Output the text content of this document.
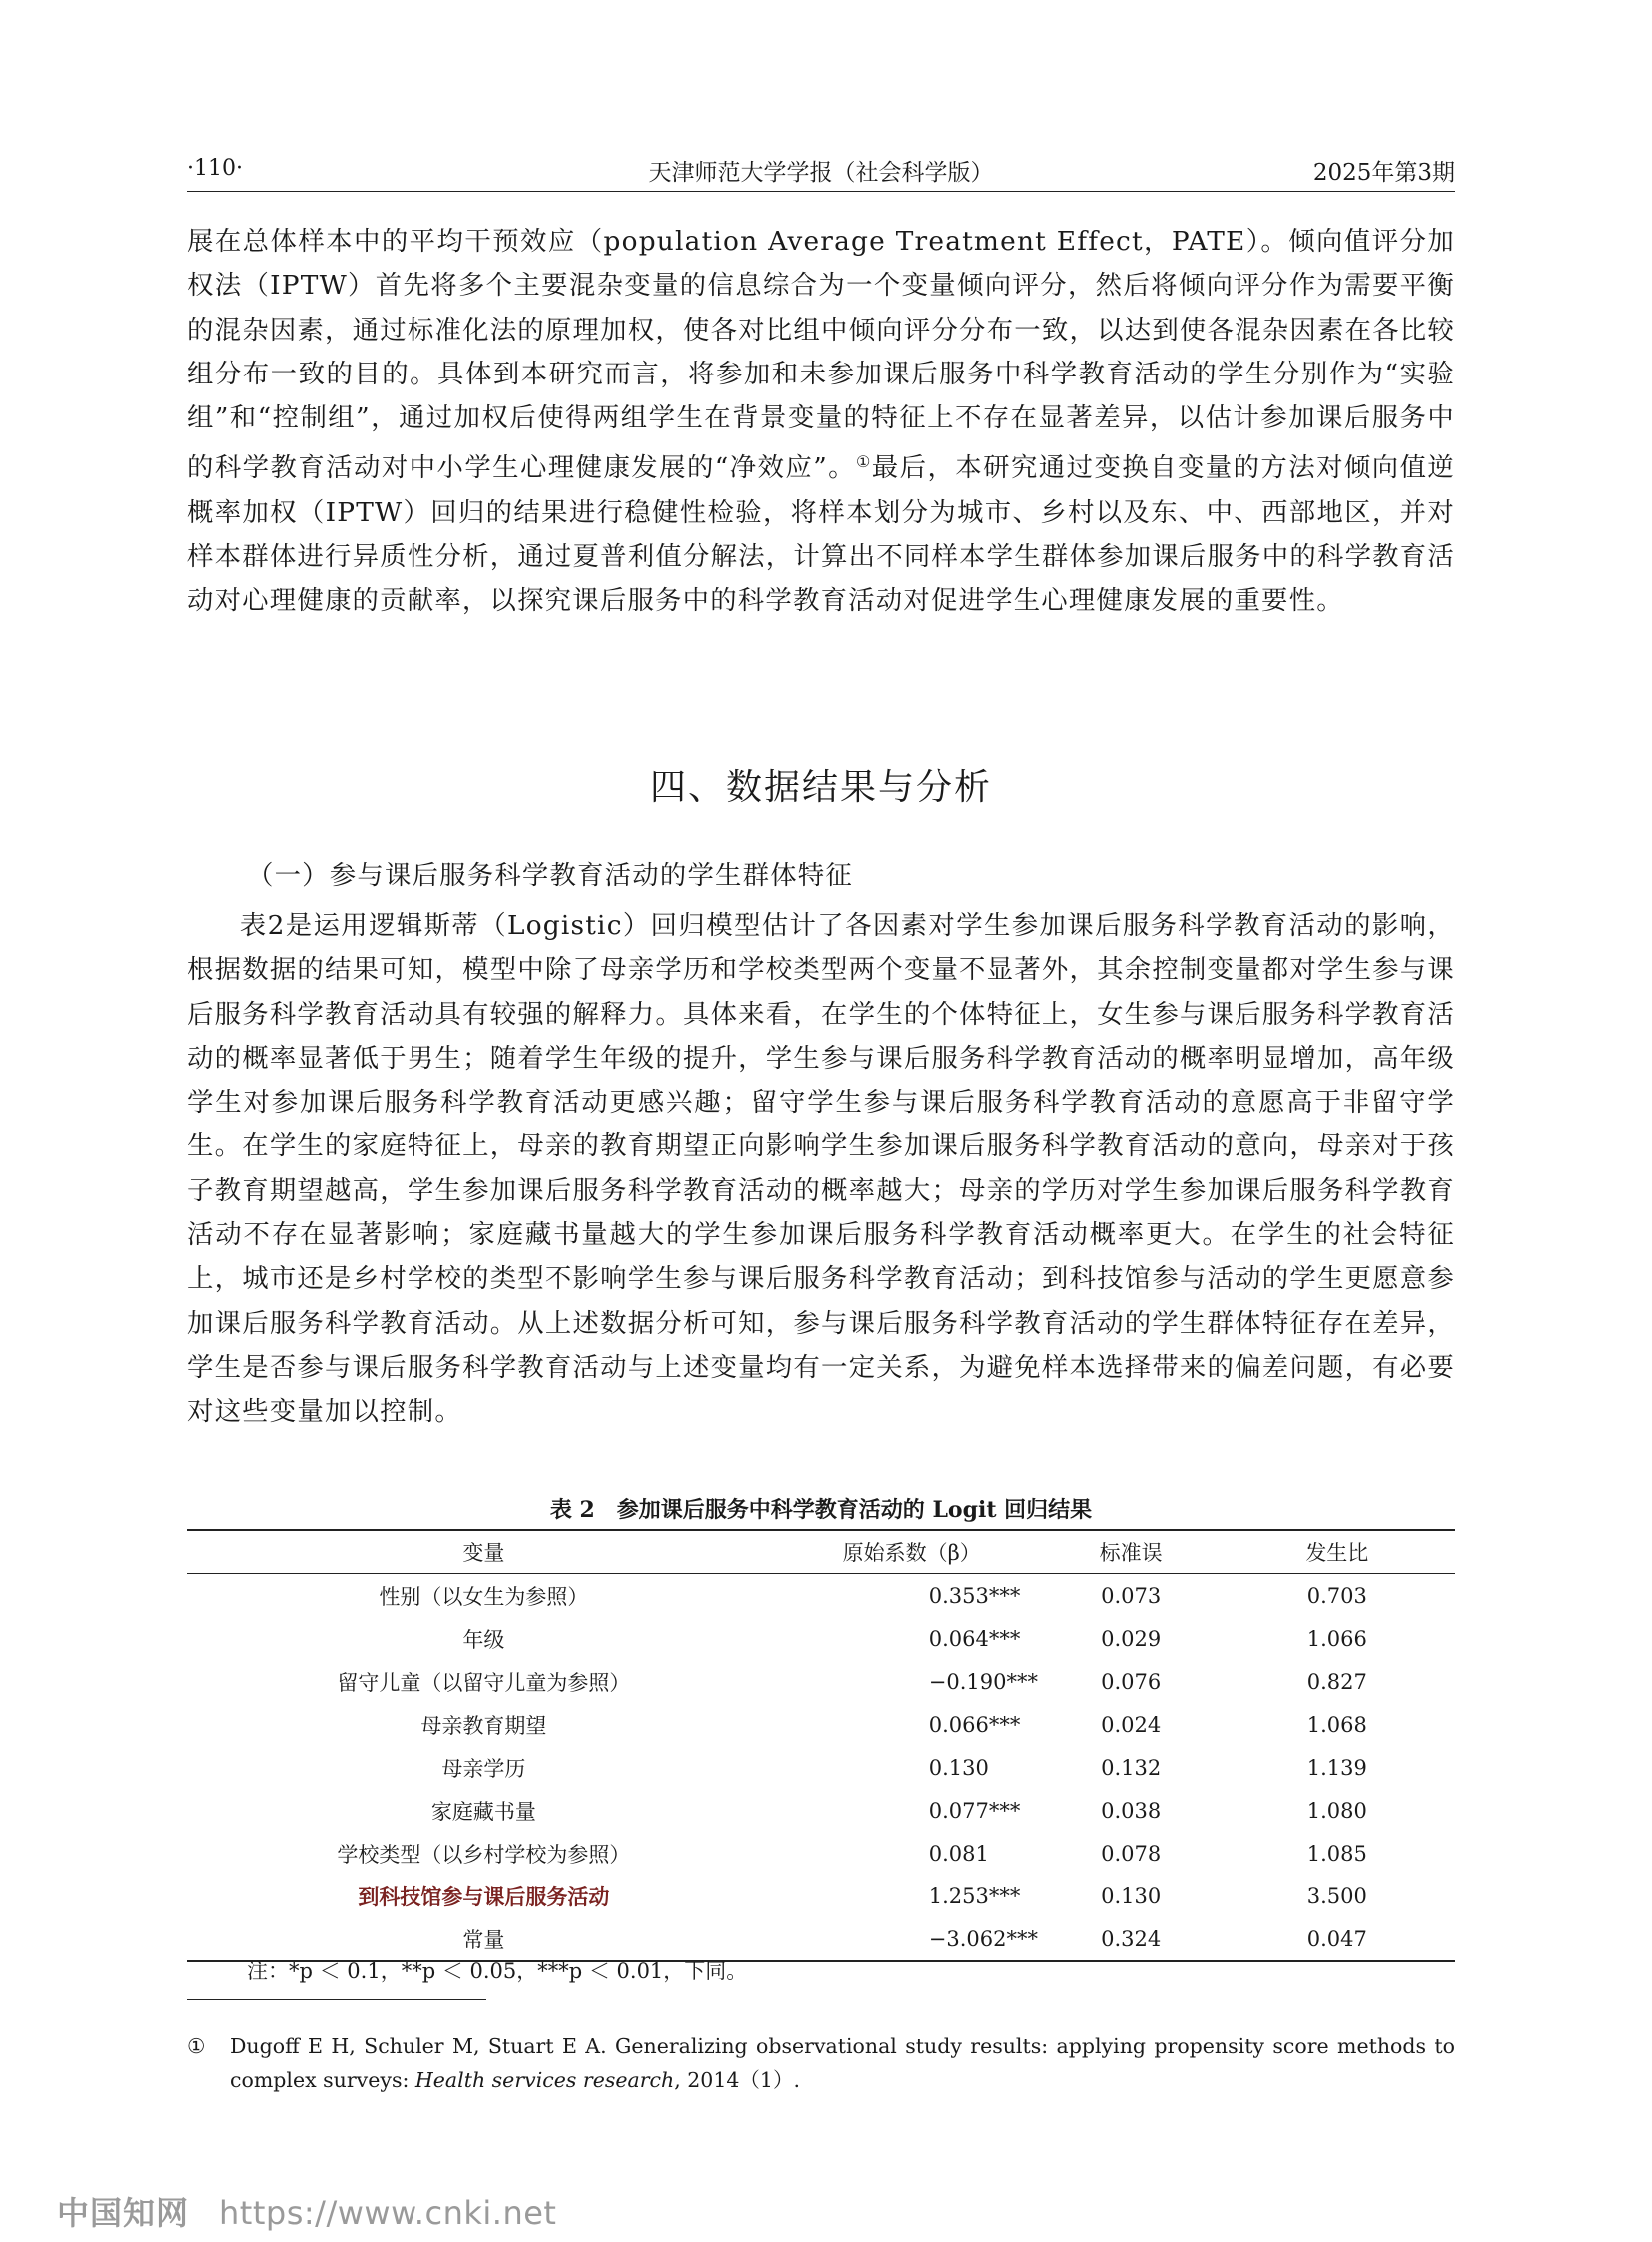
·110·	天津师范大学学报（社会科学版）	2025年第3期
展在总体样本中的平均干预效应（population Average Treatment Effect，PATE）。倾向值评分加权法（IPTW）首先将多个主要混杂变量的信息综合为一个变量倾向评分，然后将倾向评分作为需要平衡的混杂因素，通过标准化法的原理加权，使各对比组中倾向评分分布一致，以达到使各混杂因素在各比较组分布一致的目的。具体到本研究而言，将参加和未参加课后服务中科学教育活动的学生分别作为“实验组”和“控制组”，通过加权后使得两组学生在背景变量的特征上不存在显著差异，以估计参加课后服务中的科学教育活动对中小学生心理健康发展的“净效应”。①最后，本研究通过变换自变量的方法对倾向值逆概率加权（IPTW）回归的结果进行稳健性检验，将样本划分为城市、乡村以及东、中、西部地区，并对样本群体进行异质性分析，通过夏普利值分解法，计算出不同样本学生群体参加课后服务中的科学教育活动对心理健康的贡献率，以探究课后服务中的科学教育活动对促进学生心理健康发展的重要性。
四、数据结果与分析
（一）参与课后服务科学教育活动的学生群体特征
表2是运用逻辑斯蒂（Logistic）回归模型估计了各因素对学生参加课后服务科学教育活动的影响，根据数据的结果可知，模型中除了母亲学历和学校类型两个变量不显著外，其余控制变量都对学生参与课后服务科学教育活动具有较强的解释力。具体来看，在学生的个体特征上，女生参与课后服务科学教育活动的概率显著低于男生；随着学生年级的提升，学生参与课后服务科学教育活动的概率明显增加，高年级学生对参加课后服务科学教育活动更感兴趣；留守学生参与课后服务科学教育活动的意愿高于非留守学生。在学生的家庭特征上，母亲的教育期望正向影响学生参加课后服务科学教育活动的意向，母亲对于孩子教育期望越高，学生参加课后服务科学教育活动的概率越大；母亲的学历对学生参加课后服务科学教育活动不存在显著影响；家庭藏书量越大的学生参加课后服务科学教育活动概率更大。在学生的社会特征上，城市还是乡村学校的类型不影响学生参与课后服务科学教育活动；到科技馆参与活动的学生更愿意参加课后服务科学教育活动。从上述数据分析可知，参与课后服务科学教育活动的学生群体特征存在差异，学生是否参与课后服务科学教育活动与上述变量均有一定关系，为避免样本选择带来的偏差问题，有必要对这些变量加以控制。
表 2　参加课后服务中科学教育活动的 Logit 回归结果
变量	原始系数（β）	标准误	发生比
性别（以女生为参照）	0.353***	0.073	0.703
年级	0.064***	0.029	1.066
留守儿童（以留守儿童为参照）	−0.190***	0.076	0.827
母亲教育期望	0.066***	0.024	1.068
母亲学历	0.130	0.132	1.139
家庭藏书量	0.077***	0.038	1.080
学校类型（以乡村学校为参照）	0.081	0.078	1.085
到科技馆参与课后服务活动	1.253***	0.130	3.500
常量	−3.062***	0.324	0.047
注：*p ＜ 0.1，**p ＜ 0.05，***p ＜ 0.01，下同。
① Dugoff E H, Schuler M, Stuart E A. Generalizing observational study results: applying propensity score methods to complex surveys: Health services research, 2014（1）.
中国知网 https://www.cnki.net
